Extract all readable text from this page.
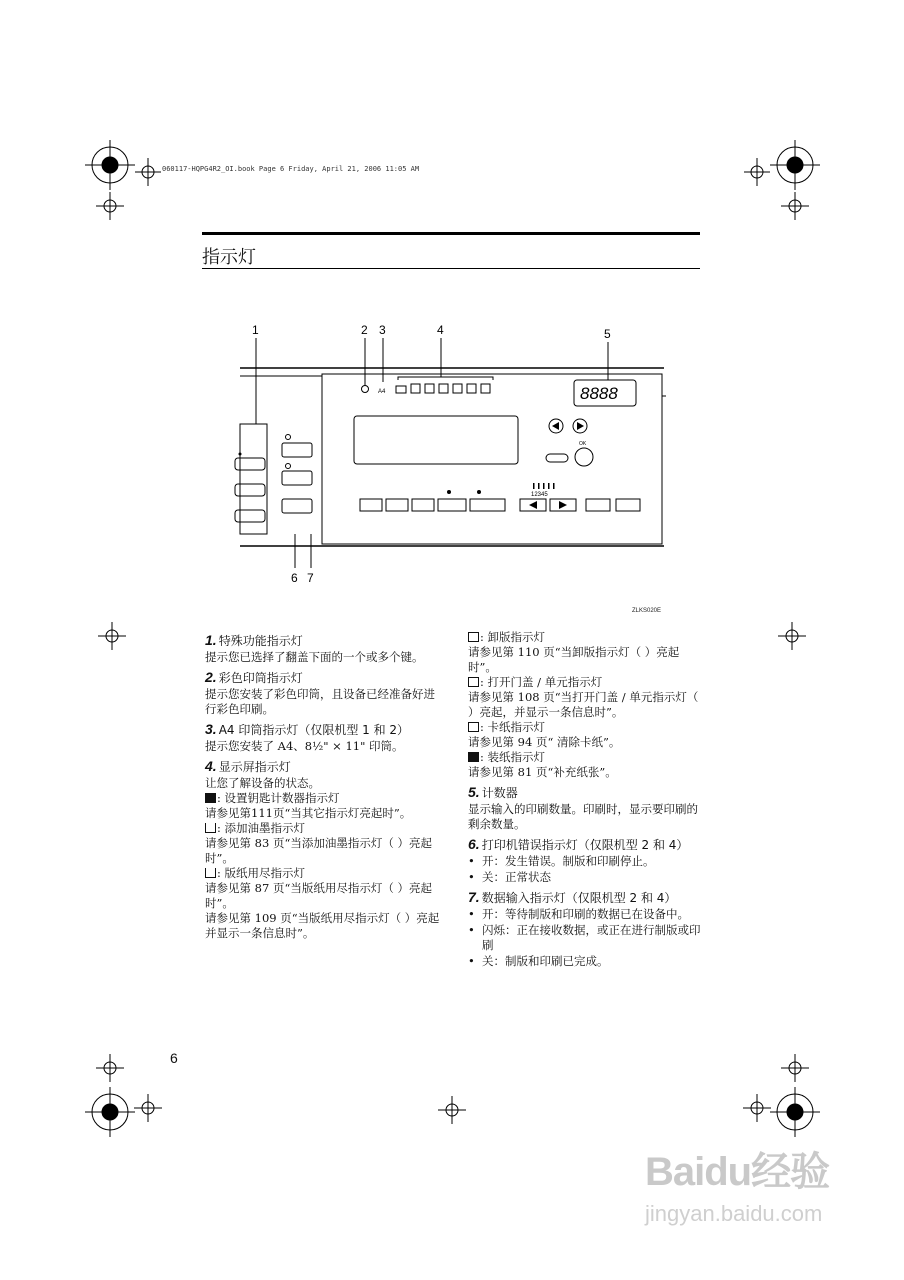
060117-HQPG4R2_OI.book Page 6 Friday, April 21, 2006 11:05 AM
指示灯
1	2 3	4	5
6 7
A4	8888
OK
12345
ZLKS020E
1. 特殊功能指示灯

提示您已选择了翻盖下面的一个或多个键。

2. 彩色印筒指示灯

提示您安装了彩色印筒，且设备已经准备好进行彩色印刷。

3. A4 印筒指示灯（仅限机型 1 和 2）

提示您安装了 A4、8½" × 11" 印筒。

4. 显示屏指示灯

让您了解设备的状态。

: 设置钥匙计数器指示灯

请参见第111页“当其它指示灯亮起时”。

: 添加油墨指示灯

请参见第 83 页“当添加油墨指示灯（ ）亮起时”。

: 版纸用尽指示灯

请参见第 87 页“当版纸用尽指示灯（ ）亮起时”。

请参见第 109 页“当版纸用尽指示灯（ ）亮起并显示一条信息时”。

: 卸版指示灯

请参见第 110 页“当卸版指示灯（ ）亮起时”。

: 打开门盖 / 单元指示灯

请参见第 108 页“当打开门盖 / 单元指示灯（ ）亮起，并显示一条信息时”。

: 卡纸指示灯

请参见第 94 页“ 清除卡纸”。

: 装纸指示灯

请参见第 81 页“补充纸张”。

5. 计数器

显示输入的印刷数量。印刷时，显示要印刷的剩余数量。

6. 打印机错误指示灯（仅限机型 2 和 4）

• 开：发生错误。制版和印刷停止。

• 关：正常状态

7. 数据输入指示灯（仅限机型 2 和 4）

• 开：等待制版和印刷的数据已在设备中。

• 闪烁：正在接收数据，或正在进行制版或印刷

• 关：制版和印刷已完成。

6
Baidu经验
jingyan.baidu.com
